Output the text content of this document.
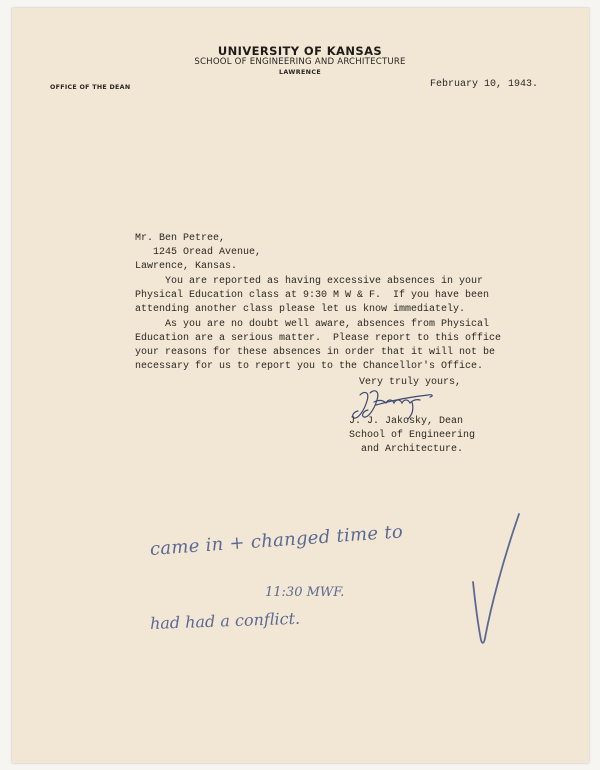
UNIVERSITY OF KANSAS
SCHOOL OF ENGINEERING AND ARCHITECTURE
LAWRENCE
OFFICE OF THE DEAN	February 10, 1943.
Mr. Ben Petree,
1245 Oread Avenue,
Lawrence, Kansas.
You are reported as having excessive absences in your
Physical Education class at 9:30 M W & F.  If you have been
attending another class please let us know immediately.
As you are no doubt well aware, absences from Physical
Education are a serious matter.  Please report to this office
your reasons for these absences in order that it will not be
necessary for us to report you to the Chancellor's Office.
Very truly yours,
J. J. Jakosky, Dean
School of Engineering
and Architecture.
came in + changed time to
11:30 MWF.
had had a conflict.
